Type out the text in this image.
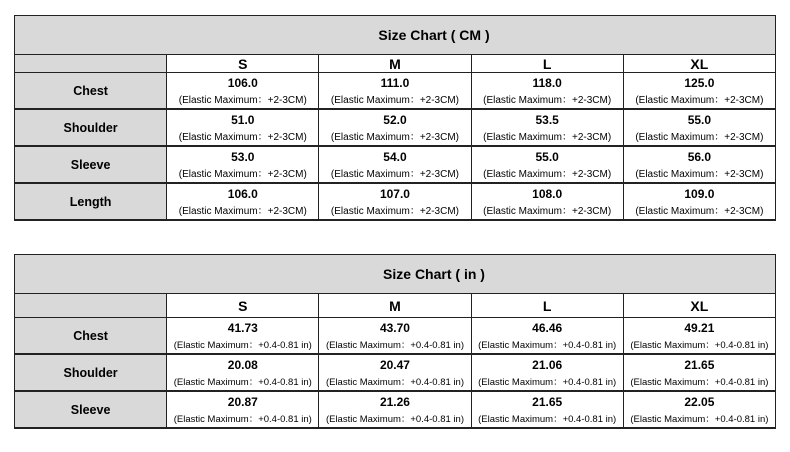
Size Chart ( CM )				
	S	M	L	XL
Chest	106.0	111.0	118.0	125.0
	(Elastic Maximum：+2-3CM)	(Elastic Maximum：+2-3CM)	(Elastic Maximum：+2-3CM)	(Elastic Maximum：+2-3CM)
Shoulder	51.0	52.0	53.5	55.0
	(Elastic Maximum：+2-3CM)	(Elastic Maximum：+2-3CM)	(Elastic Maximum：+2-3CM)	(Elastic Maximum：+2-3CM)
Sleeve	53.0	54.0	55.0	56.0
	(Elastic Maximum：+2-3CM)	(Elastic Maximum：+2-3CM)	(Elastic Maximum：+2-3CM)	(Elastic Maximum：+2-3CM)
Length	106.0	107.0	108.0	109.0
	(Elastic Maximum：+2-3CM)	(Elastic Maximum：+2-3CM)	(Elastic Maximum：+2-3CM)	(Elastic Maximum：+2-3CM)
Size Chart ( in )				
	S	M	L	XL
Chest	41.73	43.70	46.46	49.21
	(Elastic Maximum：+0.4-0.81 in)	(Elastic Maximum：+0.4-0.81 in)	(Elastic Maximum：+0.4-0.81 in)	(Elastic Maximum：+0.4-0.81 in)
Shoulder	20.08	20.47	21.06	21.65
	(Elastic Maximum：+0.4-0.81 in)	(Elastic Maximum：+0.4-0.81 in)	(Elastic Maximum：+0.4-0.81 in)	(Elastic Maximum：+0.4-0.81 in)
Sleeve	20.87	21.26	21.65	22.05
	(Elastic Maximum：+0.4-0.81 in)	(Elastic Maximum：+0.4-0.81 in)	(Elastic Maximum：+0.4-0.81 in)	(Elastic Maximum：+0.4-0.81 in)
